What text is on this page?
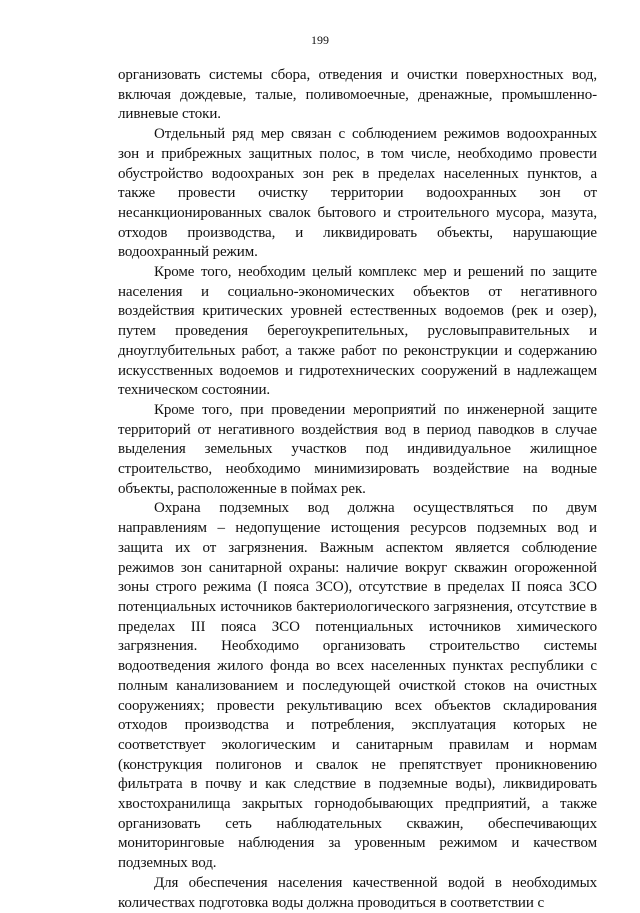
199

организовать системы сбора, отведения и очистки поверхностных вод, включая дождевые, талые, поливомоечные, дренажные, промышленно-ливневые стоки.

Отдельный ряд мер связан с соблюдением режимов водоохранных зон и прибрежных защитных полос, в том числе, необходимо провести обустройство водоохраных зон рек в пределах населенных пунктов, а также провести очистку территории водоохранных зон от несанкционированных свалок бытового и строительного мусора, мазута, отходов производства, и ликвидировать объекты, нарушающие водоохранный режим.

Кроме того, необходим целый комплекс мер и решений по защите населения и социально-экономических объектов от негативного воздействия критических уровней естественных водоемов (рек и озер), путем проведения берегоукрепительных, русловыправительных и дноуглубительных работ, а также работ по реконструкции и содержанию искусственных водоемов и гидротехнических сооружений в надлежащем техническом состоянии.

Кроме того, при проведении мероприятий по инженерной защите территорий от негативного воздействия вод в период паводков в случае выделения земельных участков под индивидуальное жилищное строительство, необходимо минимизировать воздействие на водные объекты, расположенные в поймах рек.

Охрана подземных вод должна осуществляться по двум направлениям – недопущение истощения ресурсов подземных вод и защита их от загрязнения. Важным аспектом является соблюдение режимов зон санитарной охраны: наличие вокруг скважин огороженной зоны строго режима (I пояса ЗСО), отсутствие в пределах II пояса ЗСО потенциальных источников бактериологического загрязнения, отсутствие в пределах III пояса ЗСО потенциальных источников химического загрязнения. Необходимо организовать строительство системы водоотведения жилого фонда во всех населенных пунктах республики с полным канализованием и последующей очисткой стоков на очистных сооружениях; провести рекультивацию всех объектов складирования отходов производства и потребления, эксплуатация которых не соответствует экологическим и санитарным правилам и нормам (конструкция полигонов и свалок не препятствует проникновению фильтрата в почву и как следствие в подземные воды), ликвидировать хвостохранилища закрытых горнодобывающих предприятий, а также организовать сеть наблюдательных скважин, обеспечивающих мониторинговые наблюдения за уровенным режимом и качеством подземных вод.

Для обеспечения населения качественной водой в необходимых количествах подготовка воды должна проводиться в соответствии с
